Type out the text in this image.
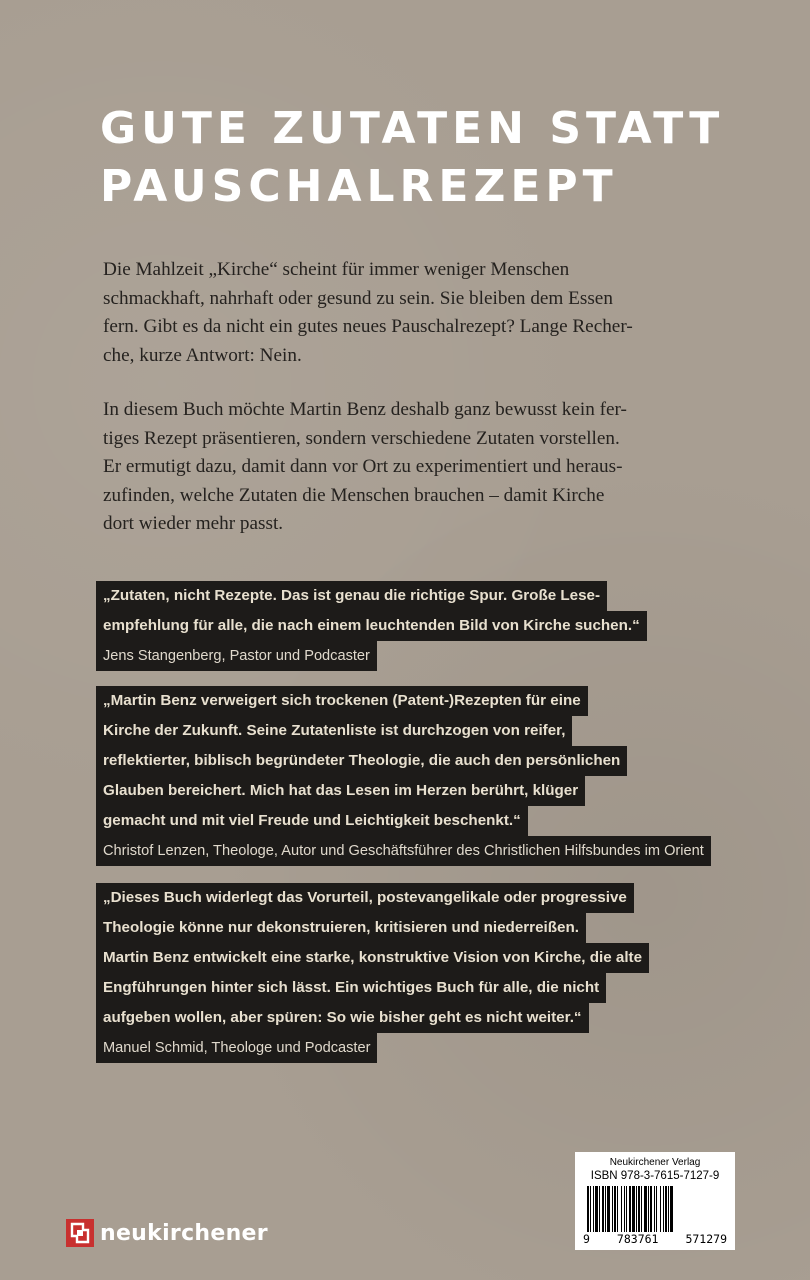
GUTE ZUTATEN STATT
PAUSCHALREZEPT
Die Mahlzeit „Kirche“ scheint für immer weniger Menschen
schmackhaft, nahrhaft oder gesund zu sein. Sie bleiben dem Essen
fern. Gibt es da nicht ein gutes neues Pauschalrezept? Lange Recher-
che, kurze Antwort: Nein.
In diesem Buch möchte Martin Benz deshalb ganz bewusst kein fer-
tiges Rezept präsentieren, sondern verschiedene Zutaten vorstellen.
Er ermutigt dazu, damit dann vor Ort zu experimentiert und heraus-
zufinden, welche Zutaten die Menschen brauchen – damit Kirche
dort wieder mehr passt.
„Zutaten, nicht Rezepte. Das ist genau die richtige Spur. Große Lese-
empfehlung für alle, die nach einem leuchtenden Bild von Kirche suchen.“
Jens Stangenberg, Pastor und Podcaster
„Martin Benz verweigert sich trockenen (Patent-)Rezepten für eine
Kirche der Zukunft. Seine Zutatenliste ist durchzogen von reifer,
reflektierter, biblisch begründeter Theologie, die auch den persönlichen
Glauben bereichert. Mich hat das Lesen im Herzen berührt, klüger
gemacht und mit viel Freude und Leichtigkeit beschenkt.“
Christof Lenzen, Theologe, Autor und Geschäftsführer des Christlichen Hilfsbundes im Orient
„Dieses Buch widerlegt das Vorurteil, postevangelikale oder progressive
Theologie könne nur dekonstruieren, kritisieren und niederreißen.
Martin Benz entwickelt eine starke, konstruktive Vision von Kirche, die alte
Engführungen hinter sich lässt. Ein wichtiges Buch für alle, die nicht
aufgeben wollen, aber spüren: So wie bisher geht es nicht weiter.“
Manuel Schmid, Theologe und Podcaster
neukirchener
Neukirchener Verlag
ISBN 978-3-7615-7127-9
9 783761 571279
